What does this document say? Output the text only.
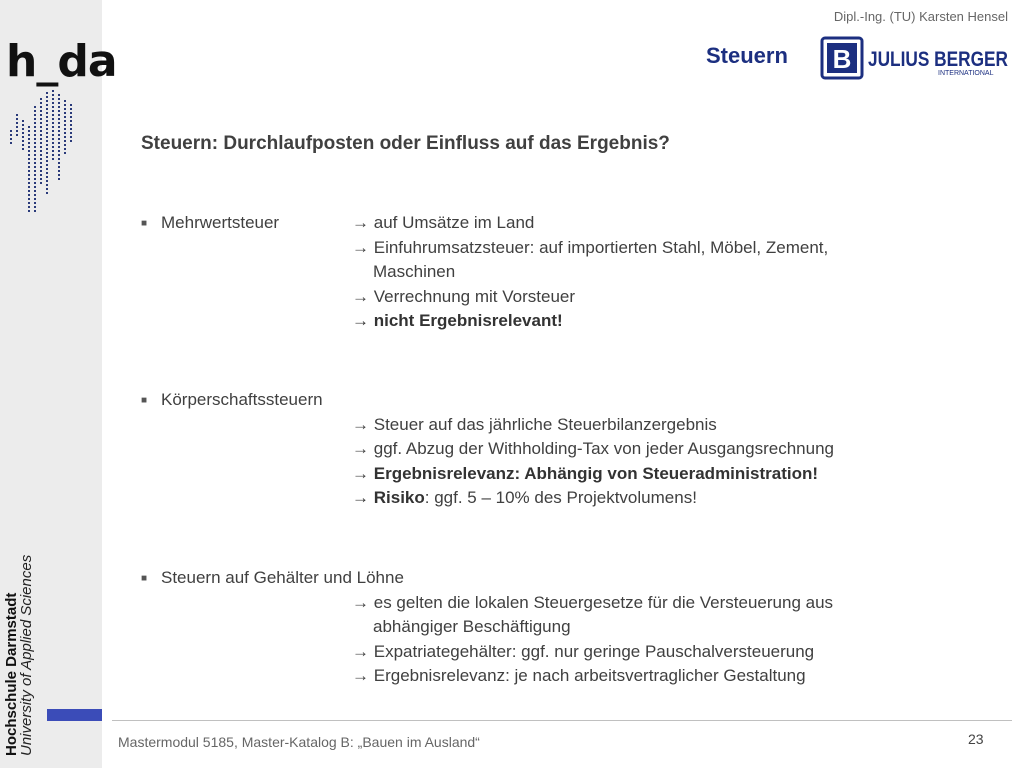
h_da
Hochschule Darmstadt
University of Applied Sciences
Dipl.-Ing. (TU) Karsten Hensel
Steuern B JULIUS BERGER
INTERNATIONAL
Steuern: Durchlaufposten oder Einfluss auf das Ergebnis?
■ Mehrwertsteuer	→ auf Umsätze im Land
→ Einfuhrumsatzsteuer: auf importierten Stahl, Möbel, Zement,
Maschinen
→ Verrechnung mit Vorsteuer
→ nicht Ergebnisrelevant!
■ Körperschaftssteuern
→ Steuer auf das jährliche Steuerbilanzergebnis
→ ggf. Abzug der Withholding-Tax von jeder Ausgangsrechnung
→ Ergebnisrelevanz: Abhängig von Steueradministration!
→ Risiko: ggf. 5 – 10% des Projektvolumens!
■ Steuern auf Gehälter und Löhne
→ es gelten die lokalen Steuergesetze für die Versteuerung aus
abhängiger Beschäftigung
→ Expatriategehälter: ggf. nur geringe Pauschalversteuerung
→ Ergebnisrelevanz: je nach arbeitsvertraglicher Gestaltung
Mastermodul 5185, Master-Katalog B: „Bauen im Ausland“	23
